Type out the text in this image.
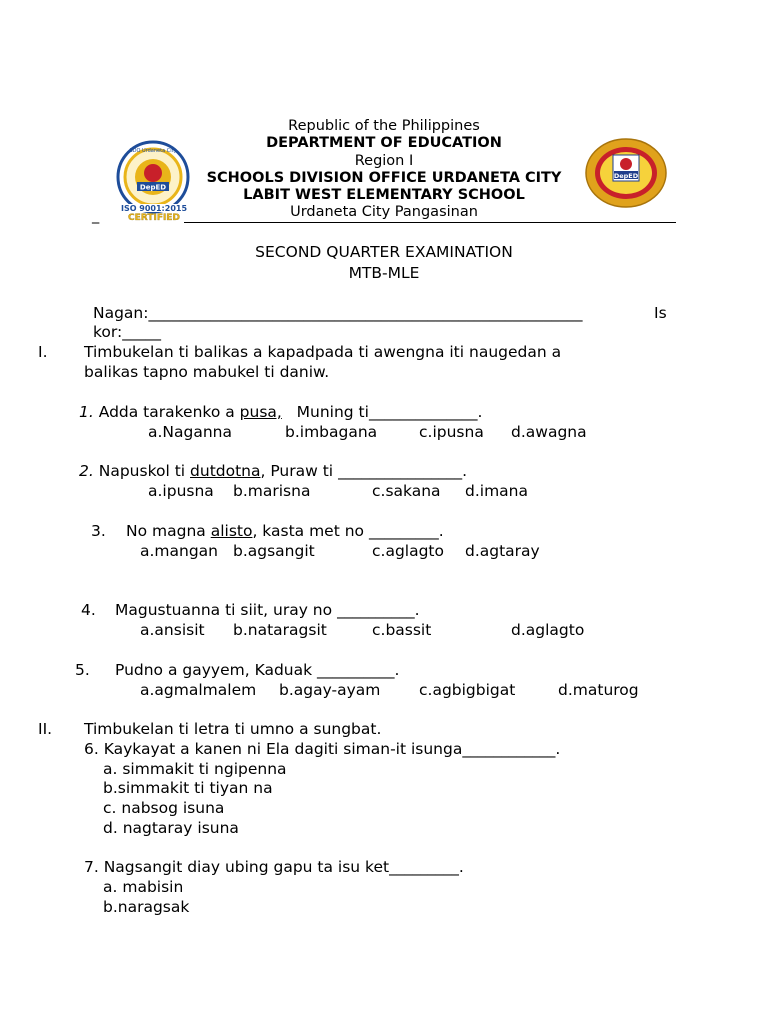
Republic of the Philippines
DEPARTMENT OF EDUCATION
Region I
SCHOOLS DIVISION OFFICE URDANETA CITY
LABIT WEST ELEMENTARY SCHOOL
Urdaneta City Pangasinan
_
DepED
SDO Urdaneta City
ISO 9001:2015
CERTIFIED
DepED
SECOND QUARTER EXAMINATION
MTB-MLE
Nagan:________________________________________________________	Is
kor:_____
I. Timbukelan ti balikas a kapadpada ti awengna iti naugedan a
balikas tapno mabukel ti daniw.
1. Adda tarakenko a pusa, Muning ti______________.
a.Naganna	b.imbagana	c.ipusna d.awagna
2. Napuskol ti dutdotna, Puraw ti ________________.
a.ipusna b.marisna	c.sakana d.imana
3. No magna alisto, kasta met no _________.
a.mangan b.agsangit	c.aglagto d.agtaray
4. Magustuanna ti siit, uray no __________.
a.ansisit b.nataragsit	c.bassit	d.aglagto
5. Pudno a gayyem, Kaduak __________.
a.agmalmalem b.agay-ayam c.agbigbigat	d.maturog
II. Timbukelan ti letra ti umno a sungbat.
6. Kaykayat a kanen ni Ela dagiti siman-it isunga____________.
a. simmakit ti ngipenna
b.simmakit ti tiyan na
c. nabsog isuna
d. nagtaray isuna
7. Nagsangit diay ubing gapu ta isu ket_________.
a. mabisin
b.naragsak
